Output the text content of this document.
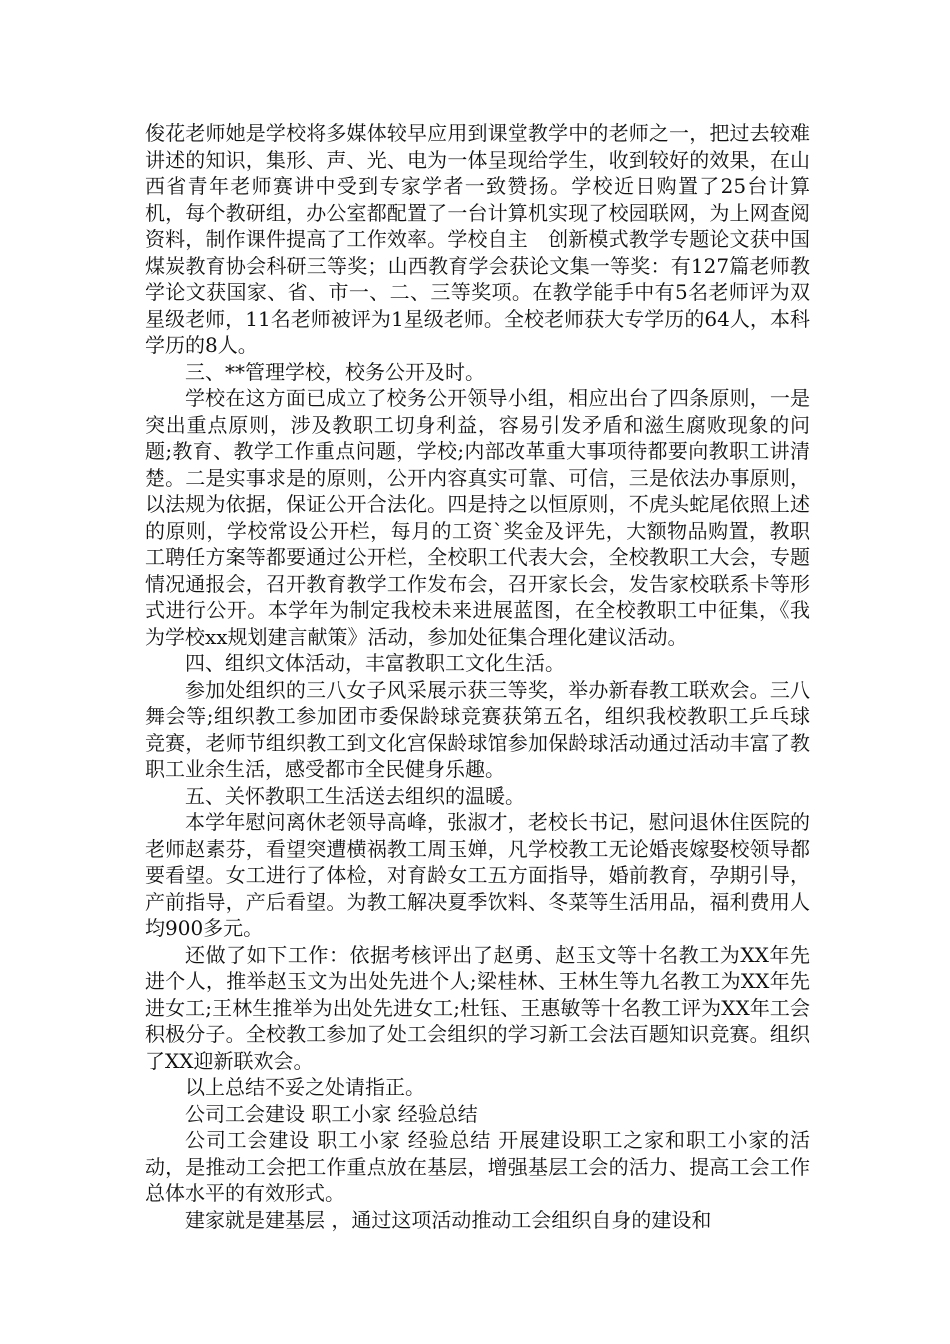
俊花老师她是学校将多媒体较早应用到课堂教学中的老师之一，把过去较难讲述的知识，集形、声、光、电为一体呈现给学生，收到较好的效果，在山西省青年老师赛讲中受到专家学者一致赞扬。学校近日购置了25台计算机，每个教研组，办公室都配置了一台计算机实现了校园联网，为上网查阅资料，制作课件提高了工作效率。学校自主　创新模式教学专题论文获中国煤炭教育协会科研三等奖；山西教育学会获论文集一等奖：有127篇老师教学论文获国家、省、市一、二、三等奖项。在教学能手中有5名老师评为双星级老师，11名老师被评为1星级老师。全校老师获大专学历的64人，本科学历的8人。

三、**管理学校，校务公开及时。

学校在这方面已成立了校务公开领导小组，相应出台了四条原则，一是突出重点原则，涉及教职工切身利益，容易引发矛盾和滋生腐败现象的问题;教育、教学工作重点问题，学校;内部改革重大事项待都要向教职工讲清楚。二是实事求是的原则，公开内容真实可靠、可信，三是依法办事原则，以法规为依据，保证公开合法化。四是持之以恒原则，不虎头蛇尾依照上述的原则，学校常设公开栏，每月的工资`奖金及评先，大额物品购置，教职工聘任方案等都要通过公开栏，全校职工代表大会，全校教职工大会，专题情况通报会，召开教育教学工作发布会，召开家长会，发告家校联系卡等形式进行公开。本学年为制定我校未来进展蓝图，在全校教职工中征集，《我为学校xx规划建言献策》活动，参加处征集合理化建议活动。

四、组织文体活动，丰富教职工文化生活。

参加处组织的三八女子风采展示获三等奖，举办新春教工联欢会。三八舞会等;组织教工参加团市委保龄球竞赛获第五名，组织我校教职工乒乓球竞赛，老师节组织教工到文化宫保龄球馆参加保龄球活动通过活动丰富了教职工业余生活，感受都市全民健身乐趣。

五、关怀教职工生活送去组织的温暖。

本学年慰问离休老领导高峰，张淑才，老校长书记，慰问退休住医院的老师赵素芬，看望突遭横祸教工周玉婵，凡学校教工无论婚丧嫁娶校领导都要看望。女工进行了体检，对育龄女工五方面指导，婚前教育，孕期引导，产前指导，产后看望。为教工解决夏季饮料、冬菜等生活用品，福利费用人均900多元。

还做了如下工作：依据考核评出了赵勇、赵玉文等十名教工为XX年先进个人，推举赵玉文为出处先进个人;梁桂林、王林生等九名教工为XX年先进女工;王林生推举为出处先进女工;杜钰、王惠敏等十名教工评为XX年工会积极分子。全校教工参加了处工会组织的学习新工会法百题知识竞赛。组织了XX迎新联欢会。

以上总结不妥之处请指正。

公司工会建设 职工小家 经验总结

公司工会建设 职工小家 经验总结 开展建设职工之家和职工小家的活动，是推动工会把工作重点放在基层，增强基层工会的活力、提高工会工作总体水平的有效形式。

建家就是建基层 ，通过这项活动推动工会组织自身的建设和
